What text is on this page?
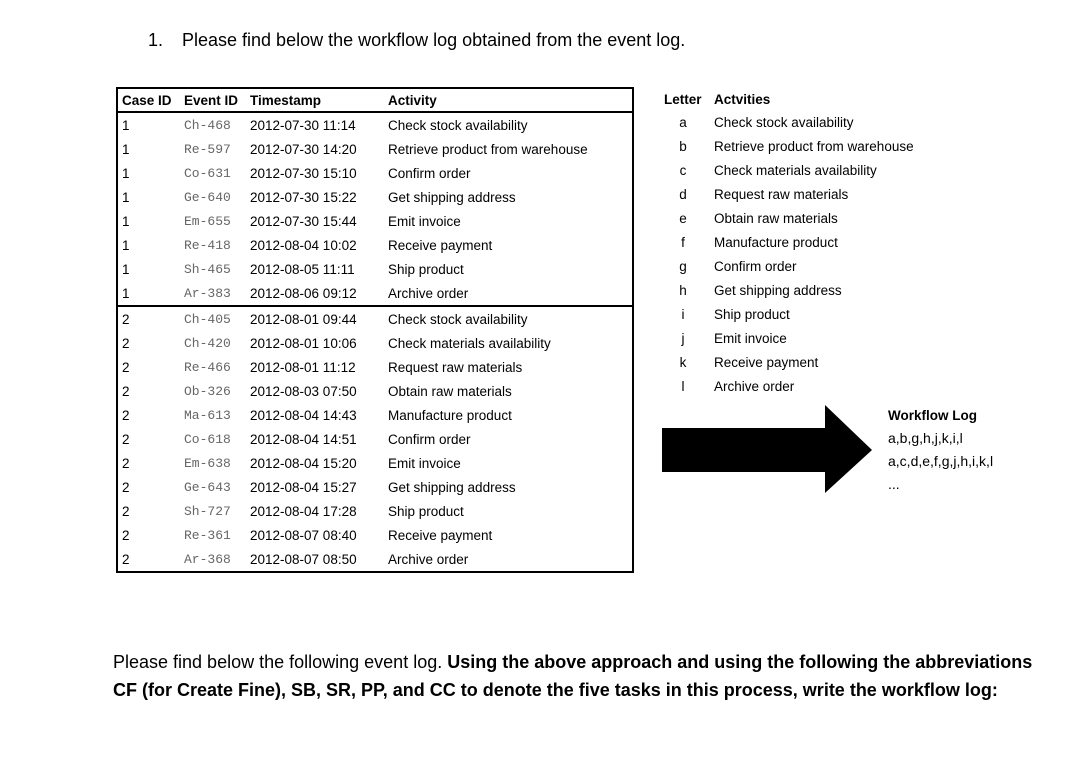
1. Please find below the workflow log obtained from the event log.
Case ID	Event ID	Timestamp	Activity
1	Ch-468	2012-07-30 11:14	Check stock availability
1	Re-597	2012-07-30 14:20	Retrieve product from warehouse
1	Co-631	2012-07-30 15:10	Confirm order
1	Ge-640	2012-07-30 15:22	Get shipping address
1	Em-655	2012-07-30 15:44	Emit invoice
1	Re-418	2012-08-04 10:02	Receive payment
1	Sh-465	2012-08-05 11:11	Ship product
1	Ar-383	2012-08-06 09:12	Archive order
2	Ch-405	2012-08-01 09:44	Check stock availability
2	Ch-420	2012-08-01 10:06	Check materials availability
2	Re-466	2012-08-01 11:12	Request raw materials
2	Ob-326	2012-08-03 07:50	Obtain raw materials
2	Ma-613	2012-08-04 14:43	Manufacture product
2	Co-618	2012-08-04 14:51	Confirm order
2	Em-638	2012-08-04 15:20	Emit invoice
2	Ge-643	2012-08-04 15:27	Get shipping address
2	Sh-727	2012-08-04 17:28	Ship product
2	Re-361	2012-08-07 08:40	Receive payment
2	Ar-368	2012-08-07 08:50	Archive order
Letter	Actvities
a	Check stock availability
b	Retrieve product from warehouse
c	Check materials availability
d	Request raw materials
e	Obtain raw materials
f	Manufacture product
g	Confirm order
h	Get shipping address
i	Ship product
j	Emit invoice
k	Receive payment
l	Archive order
Workflow Log
a,b,g,h,j,k,i,l
a,c,d,e,f,g,j,h,i,k,l
...
Please find below the following event log. Using the above approach and using the following the abbreviations CF (for Create Fine), SB, SR, PP, and CC to denote the five tasks in this process, write the workflow log:
